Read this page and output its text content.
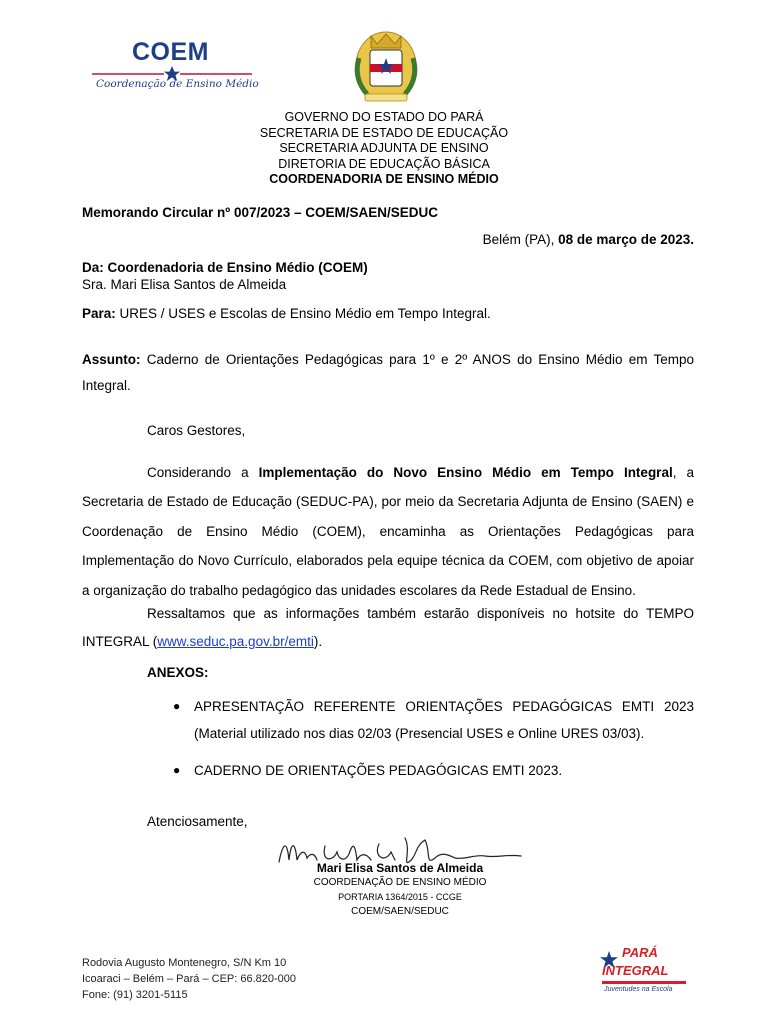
COEM
Coordenação de Ensino Médio
GOVERNO DO ESTADO DO PARÁ
SECRETARIA DE ESTADO DE EDUCAÇÃO
SECRETARIA ADJUNTA DE ENSINO
DIRETORIA DE EDUCAÇÃO BÁSICA
COORDENADORIA DE ENSINO MÉDIO
Memorando Circular nº 007/2023 – COEM/SAEN/SEDUC
Belém (PA), 08 de março de 2023.
Da: Coordenadoria de Ensino Médio (COEM)
Sra. Mari Elisa Santos de Almeida
Para: URES / USES e Escolas de Ensino Médio em Tempo Integral.
Assunto: Caderno de Orientações Pedagógicas para 1º e 2º ANOS do Ensino Médio em Tempo Integral.
Caros Gestores,
Considerando a Implementação do Novo Ensino Médio em Tempo Integral, a Secretaria de Estado de Educação (SEDUC-PA), por meio da Secretaria Adjunta de Ensino (SAEN) e Coordenação de Ensino Médio (COEM), encaminha as Orientações Pedagógicas para Implementação do Novo Currículo, elaborados pela equipe técnica da COEM, com objetivo de apoiar a organização do trabalho pedagógico das unidades escolares da Rede Estadual de Ensino.
Ressaltamos que as informações também estarão disponíveis no hotsite do TEMPO INTEGRAL (www.seduc.pa.gov.br/emti).
ANEXOS:
● APRESENTAÇÃO REFERENTE ORIENTAÇÕES PEDAGÓGICAS EMTI 2023 (Material utilizado nos dias 02/03 (Presencial USES e Online URES 03/03).
● CADERNO DE ORIENTAÇÕES PEDAGÓGICAS EMTI 2023.
Atenciosamente,
Mari Elisa Santos de Almeida
COORDENAÇÃO DE ENSINO MÉDIO
PORTARIA 1364/2015 - CCGE
COEM/SAEN/SEDUC
Rodovia Augusto Montenegro, S/N Km 10
Icoaraci – Belém – Pará – CEP: 66.820-000
Fone: (91) 3201-5115
PARÁ
INTEGRAL
Juventudes na Escola
